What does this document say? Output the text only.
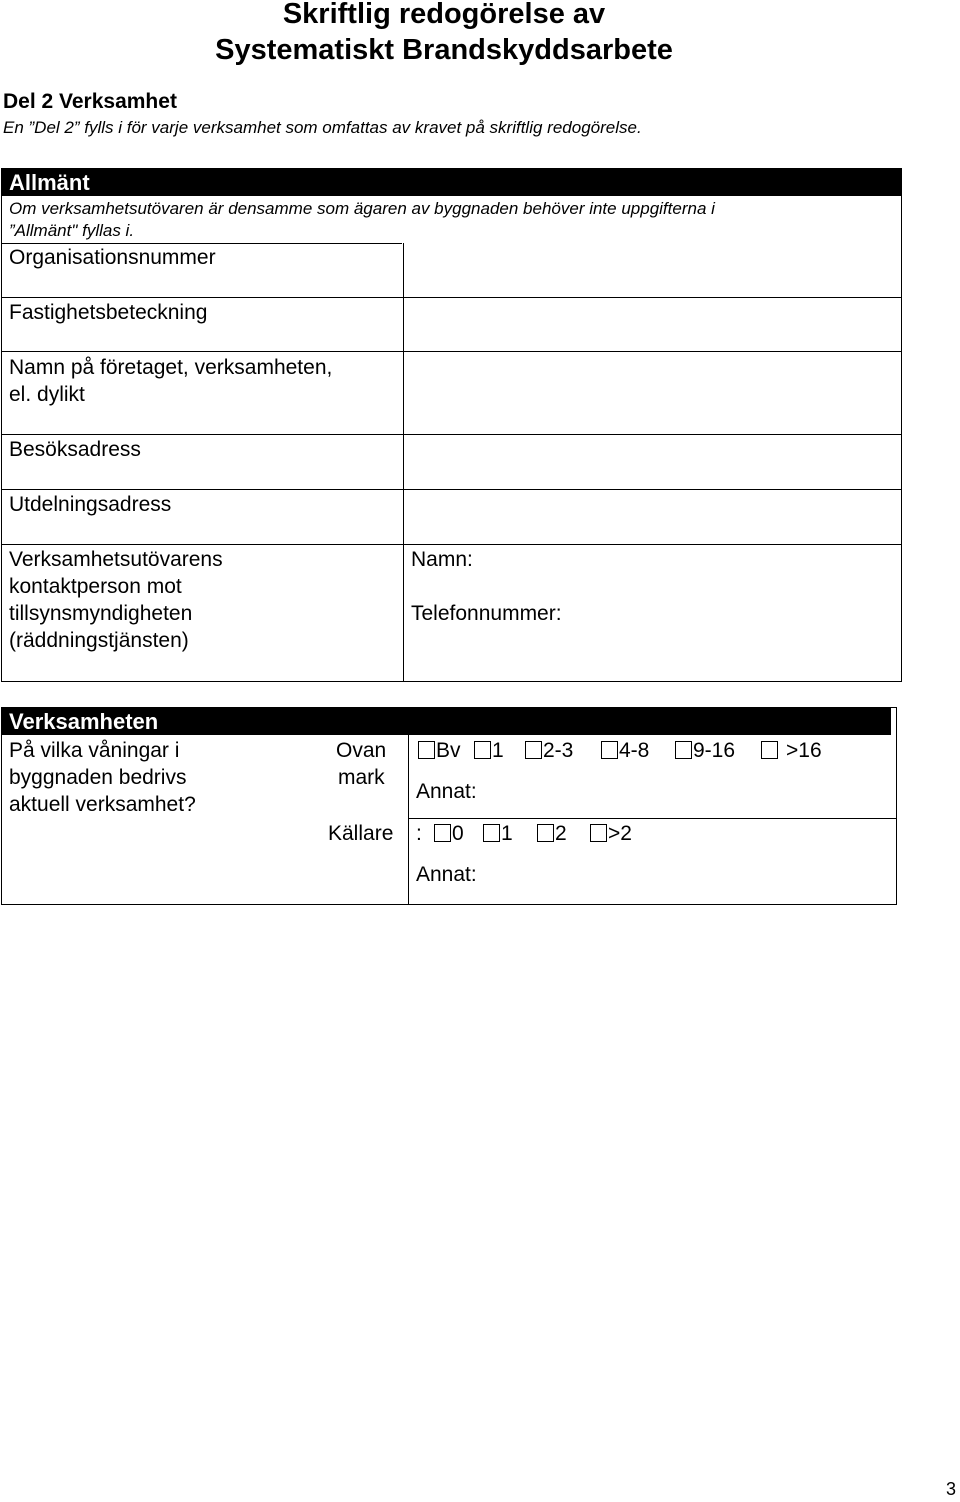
Skriftlig redogörelse av
Systematiskt Brandskyddsarbete
Del 2 Verksamhet
En ”Del 2” fylls i för varje verksamhet som omfattas av kravet på skriftlig redogörelse.
Allmänt
Om verksamhetsutövaren är densamme som ägaren av byggnaden behöver inte uppgifterna i
”Allmänt" fyllas i.
Organisationsnummer
Fastighetsbeteckning
Namn på företaget, verksamheten,
el. dylikt
Besöksadress
Utdelningsadress
Verksamhetsutövarens
kontaktperson mot
tillsynsmyndigheten
(räddningstjänsten)
Namn:
Telefonnummer:
Verksamheten
På vilka våningar i
byggnaden bedrivs
aktuell verksamhet?
Ovan
mark
Bv	1	2-3	4-8	9-16	>16
Annat:
Källare :	0	1	2	>2
Annat:
3
